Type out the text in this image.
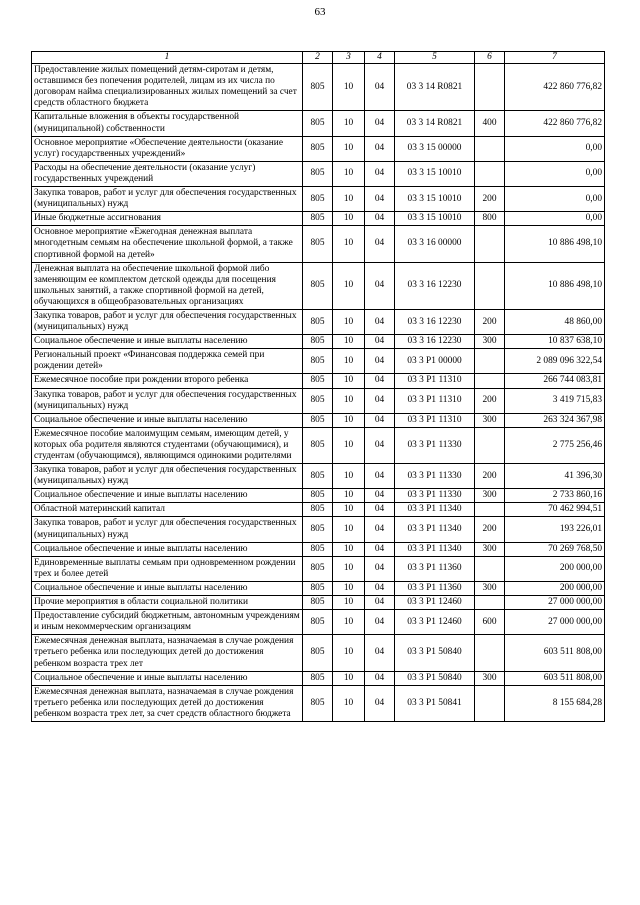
63
1	2	3	4	5	6	7
Предоставление жилых помещений детям-сиротам и детям, оставшимся без попечения родителей, лицам из их числа по договорам найма специализированных жилых помещений за счет средств областного бюджета	805	10	04	03 3 14 R0821		422 860 776,82
Капитальные вложения в объекты государственной (муниципальной) собственности	805	10	04	03 3 14 R0821	400	422 860 776,82
Основное мероприятие «Обеспечение деятельности (оказание услуг) государственных учреждений»	805	10	04	03 3 15 00000		0,00
Расходы на обеспечение деятельности (оказание услуг) государственных учреждений	805	10	04	03 3 15 10010		0,00
Закупка товаров, работ и услуг для обеспечения государственных (муниципальных) нужд	805	10	04	03 3 15 10010	200	0,00
Иные бюджетные ассигнования	805	10	04	03 3 15 10010	800	0,00
Основное мероприятие «Ежегодная денежная выплата многодетным семьям на обеспечение школьной формой, а также спортивной формой на детей»	805	10	04	03 3 16 00000		10 886 498,10
Денежная выплата на обеспечение школьной формой либо заменяющим ее комплектом детской одежды для посещения школьных занятий, а также спортивной формой на детей, обучающихся в общеобразовательных организациях	805	10	04	03 3 16 12230		10 886 498,10
Закупка товаров, работ и услуг для обеспечения государственных (муниципальных) нужд	805	10	04	03 3 16 12230	200	48 860,00
Социальное обеспечение и иные выплаты населению	805	10	04	03 3 16 12230	300	10 837 638,10
Региональный проект «Финансовая поддержка семей при рождении детей»	805	10	04	03 3 P1 00000		2 089 096 322,54
Ежемесячное пособие при рождении второго ребенка	805	10	04	03 3 P1 11310		266 744 083,81
Закупка товаров, работ и услуг для обеспечения государственных (муниципальных) нужд	805	10	04	03 3 P1 11310	200	3 419 715,83
Социальное обеспечение и иные выплаты населению	805	10	04	03 3 P1 11310	300	263 324 367,98
Ежемесячное пособие малоимущим семьям, имеющим детей, у которых оба родителя являются студентами (обучающимися), и студентам (обучающимся), являющимся одинокими родителями	805	10	04	03 3 P1 11330		2 775 256,46
Закупка товаров, работ и услуг для обеспечения государственных (муниципальных) нужд	805	10	04	03 3 P1 11330	200	41 396,30
Социальное обеспечение и иные выплаты населению	805	10	04	03 3 P1 11330	300	2 733 860,16
Областной материнский капитал	805	10	04	03 3 P1 11340		70 462 994,51
Закупка товаров, работ и услуг для обеспечения государственных (муниципальных) нужд	805	10	04	03 3 P1 11340	200	193 226,01
Социальное обеспечение и иные выплаты населению	805	10	04	03 3 P1 11340	300	70 269 768,50
Единовременные выплаты семьям при одновременном рождении трех и более детей	805	10	04	03 3 P1 11360		200 000,00
Социальное обеспечение и иные выплаты населению	805	10	04	03 3 P1 11360	300	200 000,00
Прочие мероприятия в области социальной политики	805	10	04	03 3 P1 12460		27 000 000,00
Предоставление субсидий бюджетным, автономным учреждениям и иным некоммерческим организациям	805	10	04	03 3 P1 12460	600	27 000 000,00
Ежемесячная денежная выплата, назначаемая в случае рождения третьего ребенка или последующих детей до достижения ребенком возраста трех лет	805	10	04	03 3 P1 50840		603 511 808,00
Социальное обеспечение и иные выплаты населению	805	10	04	03 3 P1 50840	300	603 511 808,00
Ежемесячная денежная выплата, назначаемая в случае рождения третьего ребенка или последующих детей до достижения ребенком возраста трех лет, за счет средств областного бюджета	805	10	04	03 3 P1 50841		8 155 684,28
